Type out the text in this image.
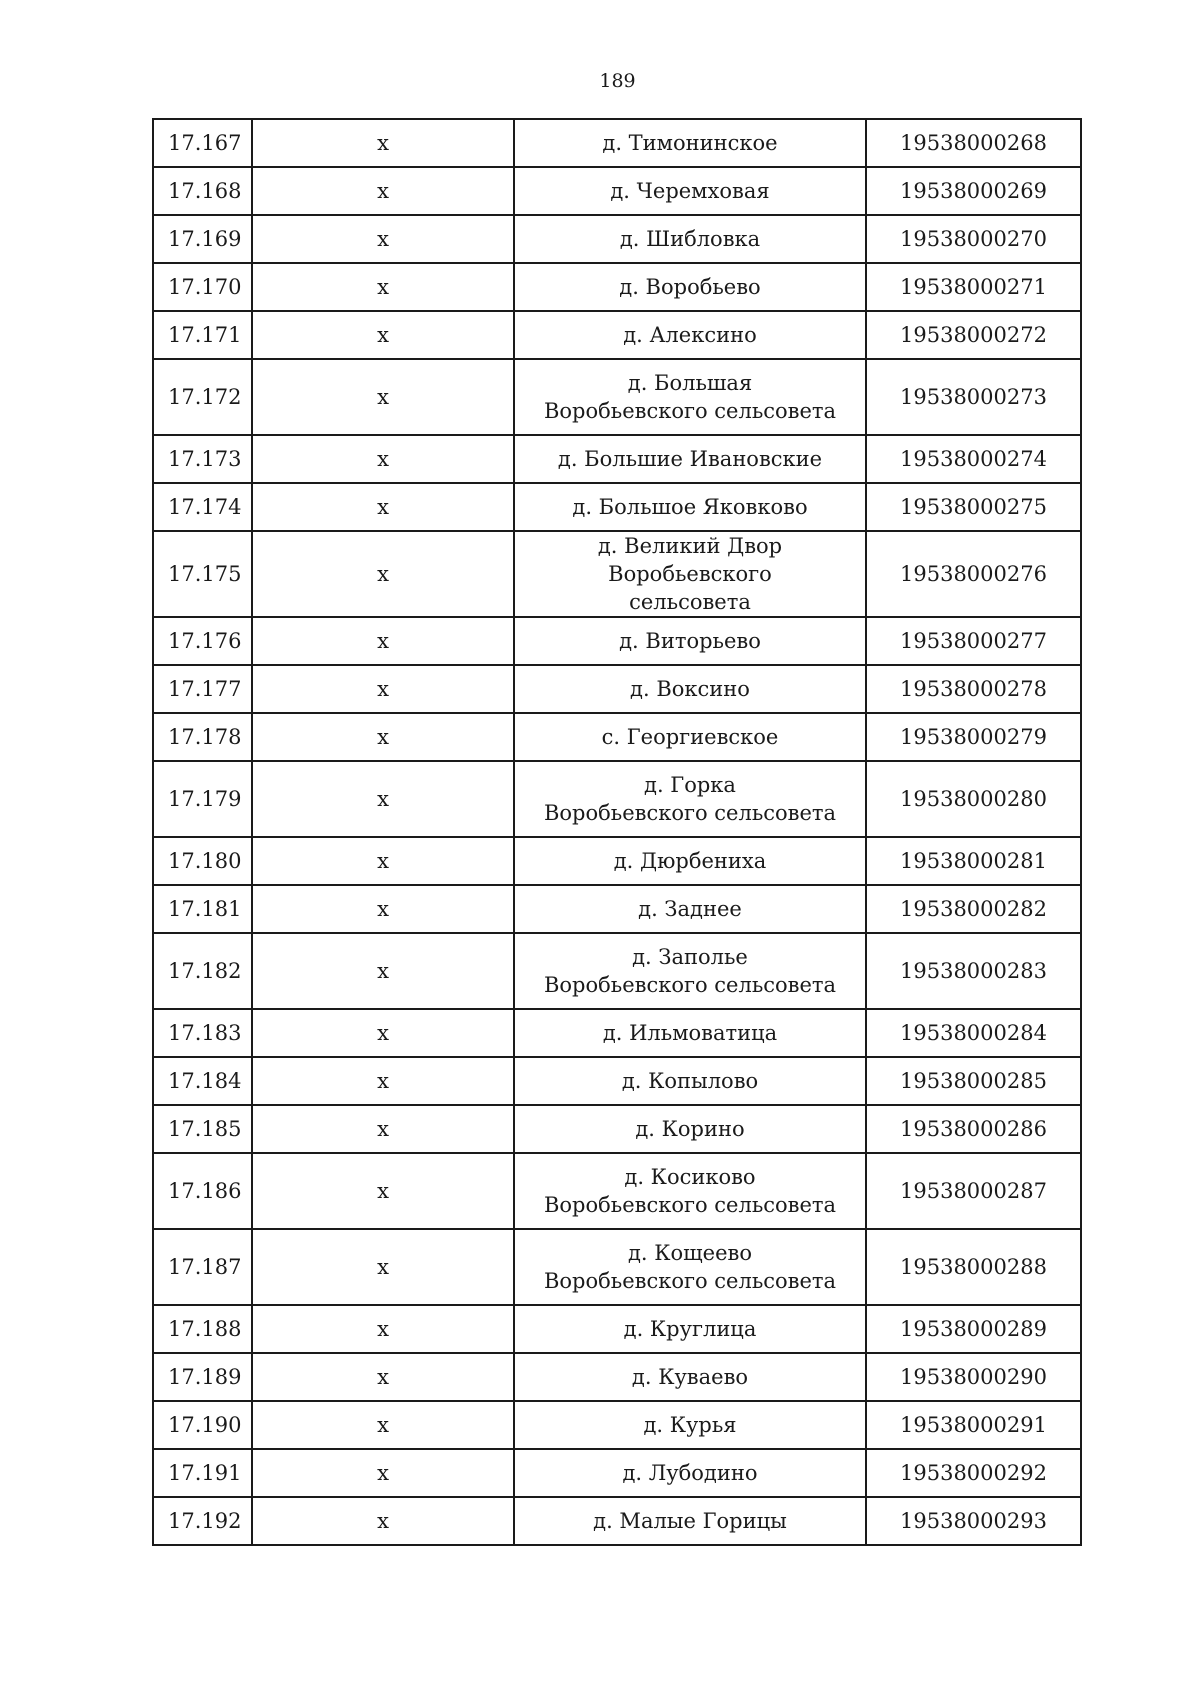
189
17.167	х	д. Тимонинское	19538000268
17.168	х	д. Черемховая	19538000269
17.169	х	д. Шибловка	19538000270
17.170	х	д. Воробьево	19538000271
17.171	х	д. Алексино	19538000272
17.172	х	д. Большая
Воробьевского сельсовета	19538000273
17.173	х	д. Большие Ивановские	19538000274
17.174	х	д. Большое Яковково	19538000275
17.175	х	д. Великий Двор Воробьевского
сельсовета	19538000276
17.176	х	д. Виторьево	19538000277
17.177	х	д. Воксино	19538000278
17.178	х	с. Георгиевское	19538000279
17.179	х	д. Горка
Воробьевского сельсовета	19538000280
17.180	х	д. Дюрбениха	19538000281
17.181	х	д. Заднее	19538000282
17.182	х	д. Заполье
Воробьевского сельсовета	19538000283
17.183	х	д. Ильмоватица	19538000284
17.184	х	д. Копылово	19538000285
17.185	х	д. Корино	19538000286
17.186	х	д. Косиково
Воробьевского сельсовета	19538000287
17.187	х	д. Кощеево
Воробьевского сельсовета	19538000288
17.188	х	д. Круглица	19538000289
17.189	х	д. Куваево	19538000290
17.190	х	д. Курья	19538000291
17.191	х	д. Лубодино	19538000292
17.192	х	д. Малые Горицы	19538000293
